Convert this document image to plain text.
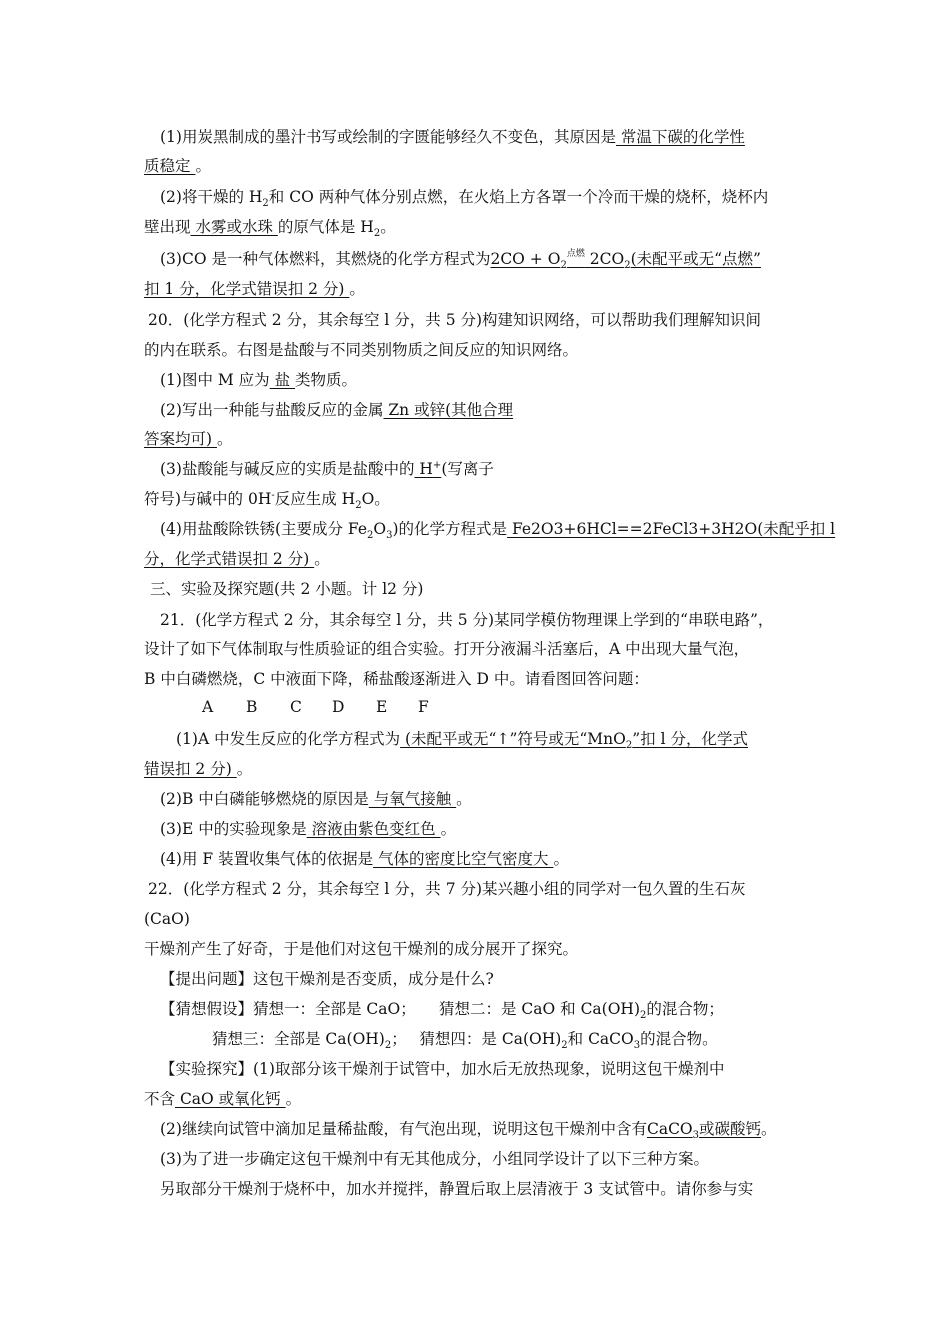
(1)用炭黑制成的墨汁书写或绘制的字匮能够经久不变色，其原因是 常温下碳的化学性
质稳定 。
(2)将干燥的 $H_2$和 CO 两种气体分别点燃，在火焰上方各罩一个冷而干燥的烧杯，烧杯内
壁出现 水雾或水珠 的原气体是 $H_2$。
(3)CO 是一种气体燃料，其燃烧的化学方程式为$2CO + O_2^{点燃}$ $2CO_2$(未配平或无“点燃”
扣 1 分，化学式错误扣 2 分) 。
20．(化学方程式 2 分，其余每空 l 分，共 5 分)构建知识网络，可以帮助我们理解知识间
的内在联系。右图是盐酸与不同类别物质之间反应的知识网络。
(1)图中 M 应为 盐 类物质。
(2)写出一种能与盐酸反应的金属 Zn 或锌(其他合理
答案均可) 。
(3)盐酸能与碱反应的实质是盐酸中的 H+(写离子
符号)与碱中的 0H-反应生成 $H_2O$。
(4)用盐酸除铁锈(主要成分 $Fe_2O_3$)的化学方程式是 Fe2O3+6HCl==2FeCl3+3H2O(未配乎扣 l
分，化学式错误扣 2 分) 。
三、实验及探究题(共 2 小题。计 l2 分)
21．(化学方程式 2 分，其余每空 l 分，共 5 分)某同学模仿物理课上学到的“串联电路”，
设计了如下气体制取与性质验证的组合实验。打开分液漏斗活塞后，A 中出现大量气泡，
B 中白磷燃烧，C 中液面下降，稀盐酸逐渐进入 D 中。请看图回答问题：
A B C D E F
(1)A 中发生反应的化学方程式为 (未配平或无“↑”符号或无“MnO$_2$”扣 l 分，化学式
错误扣 2 分) 。
(2)B 中白磷能够燃烧的原因是 与氧气接触 。
(3)E 中的实验现象是 溶液由紫色变红色 。
(4)用 F 装置收集气体的依据是 气体的密度比空气密度大 。
22．(化学方程式 2 分，其余每空 l 分，共 7 分)某兴趣小组的同学对一包久置的生石灰
(CaO)
干燥剂产生了好奇，于是他们对这包干燥剂的成分展开了探究。
【提出问题】这包干燥剂是否变质，成分是什么?
【猜想假设】猜想一：全部是 CaO；　　猜想二：是 CaO 和 $Ca(OH)_2$的混合物；
猜想三：全部是 $Ca(OH)_2$；　 猜想四：是 $Ca(OH)_2$和 CaCO$_3$的混合物。
【实验探究】(1)取部分该干燥剂于试管中，加水后无放热现象，说明这包干燥剂中
不含 CaO 或氧化钙 。
(2)继续向试管中滴加足量稀盐酸，有气泡出现，说明这包干燥剂中含有CaCO$_3$或碳酸钙。
(3)为了进一步确定这包干燥剂中有无其他成分，小组同学设计了以下三种方案。
另取部分干燥剂于烧杯中，加水并搅拌，静置后取上层清液于 3 支试管中。请你参与实
